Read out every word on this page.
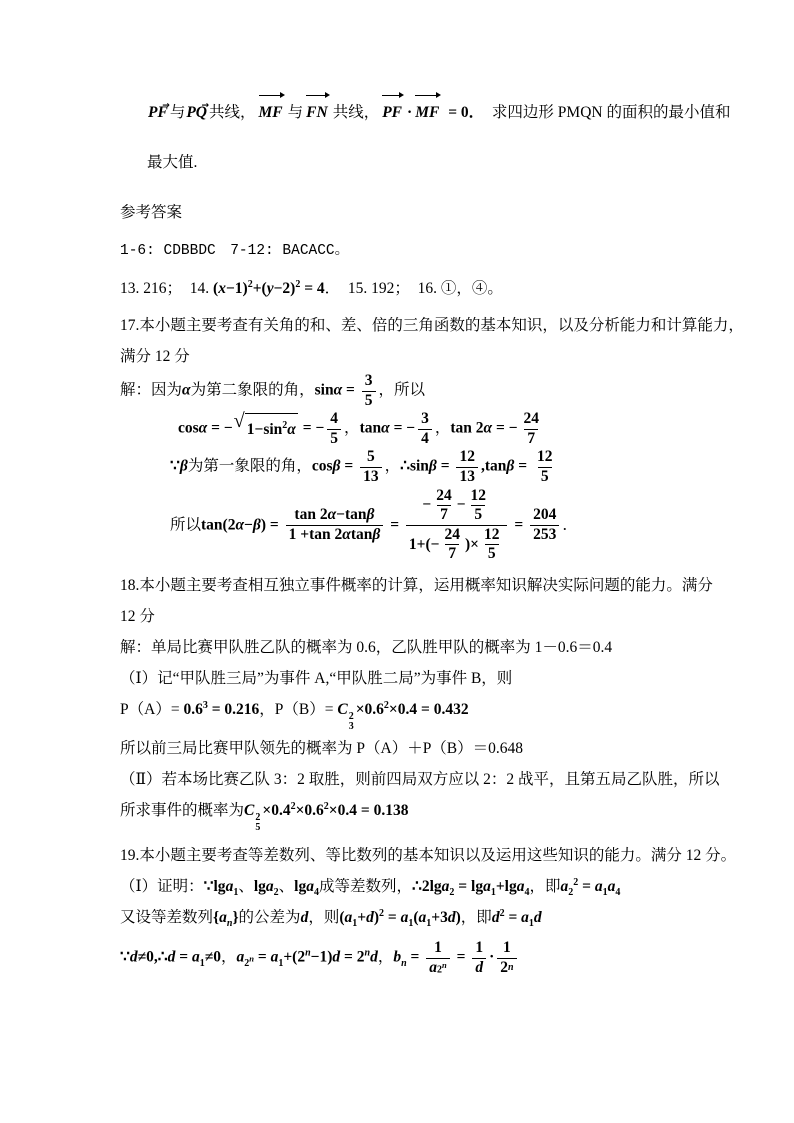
PF → 与PQ → 共线， MF 与 FN 共线， PF · MF = 0．　求四边形 PMQN 的面积的最小值和
最大值.
参考答案
1-6: CDBBDC　7-12: BACACC。
13. 216；　14. $(x-1)^2+(y-2)^2 = 4$．　15. 192；　16. ①，④。
17.本小题主要考查有关角的和、差、倍的三角函数的基本知识，以及分析能力和计算能力，
满分 12 分
解：因为α为第二象限的角，$\sin\alpha = \frac{3}{5}$ ，所以
cosα = − √ $1-\sin^2\alpha$ = − $\frac{4}{5}$ ，tanα = − $\frac{3}{4}$ ，tan 2α = − $\frac{24}{7}$
∵β为第一象限的角，$\cos\beta = \frac{5}{13}$ ，∴sinβ = $\frac{12}{13} ,\tan\beta = \frac{12}{5}$
所以$\tan(2\alpha-\beta) = \frac{\text{tan 2 α − tan β}}{\text{1 + tan 2 α tan β}} = \frac{- \frac{24}{7} - \frac{12}{5}}{1+(- \frac{24}{7} )\times \frac{12}{5}} = \frac{204}{253}$ ．
18.本小题主要考查相互独立事件概率的计算，运用概率知识解决实际问题的能力。满分
12 分
解：单局比赛甲队胜乙队的概率为 0.6，乙队胜甲队的概率为 1－0.6＝0.4
（Ⅰ）记“甲队胜三局”为事件 A,“甲队胜二局”为事件 B，则
$P(A)= 0.6^3 = 0.216$，P（B）= C 2
3
$\times 0.6^2\times 0.4 = 0.432$
所以前三局比赛甲队领先的概率为 P（A）＋P（B）＝0.648
（Ⅱ）若本场比赛乙队 3：2 取胜，则前四局双方应以 2：2 战平，且第五局乙队胜，所以
所求事件的概率为C 2
5
$\times 0.4^2\times 0.6^2\times 0.4 = 0.138$
19.本小题主要考查等差数列、等比数列的基本知识以及运用这些知识的能力。满分 12 分。
（Ⅰ）证明：∵lga$_1$、lga$_2$、lga$_4$成等差数列，∴2lga$_2$ = lga$_1$+lga$_4$，即$a_2^2 = a_1a_4$
又设等差数列$\{a_n\}$的公差为d，则$(a_1+d)^2 = a_1(a_1+3d)$，即$d^2 = a_1d$
∵d≠0,∴d = $a_1\ne 0$，$a_{2^n} = a_1+(2^n-1)d = 2^nd$，$b_n = \frac{1}{a 2^n} = \frac{1}{d} \cdot \frac{1}{2 n}$
